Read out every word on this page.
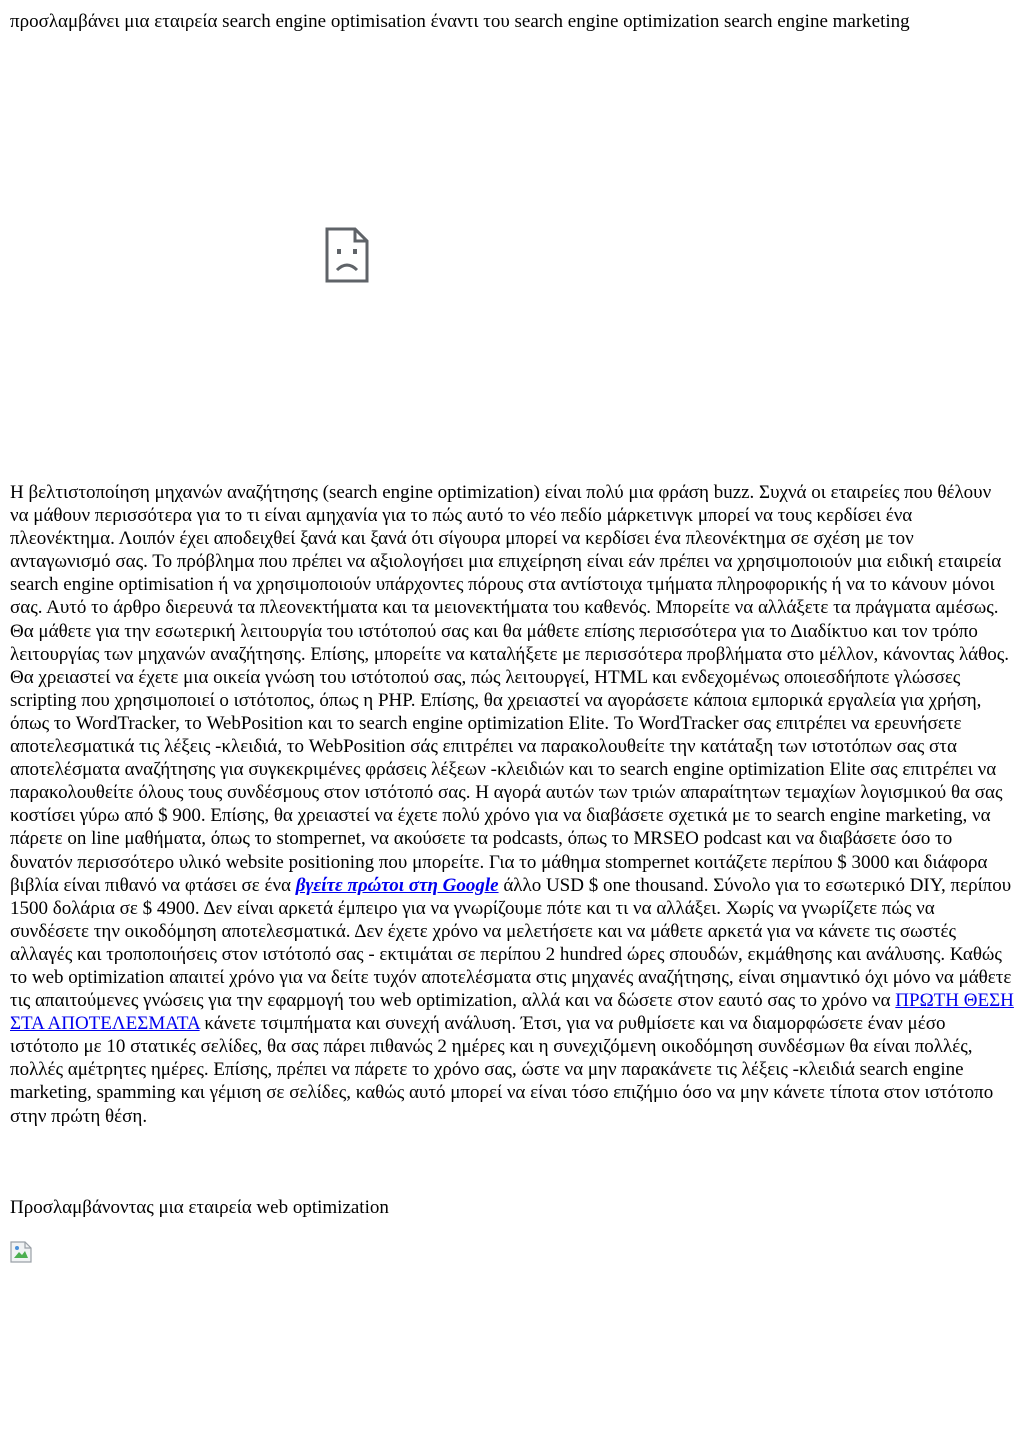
προσλαμβάνει μια εταιρεία search engine optimisation έναντι του search engine optimization search engine marketing

Η βελτιστοποίηση μηχανών αναζήτησης (search engine optimization) είναι πολύ μια φράση buzz. Συχνά οι εταιρείες που θέλουν να μάθουν περισσότερα για το τι είναι αμηχανία για το πώς αυτό το νέο πεδίο μάρκετινγκ μπορεί να τους κερδίσει ένα πλεονέκτημα. Λοιπόν έχει αποδειχθεί ξανά και ξανά ότι σίγουρα μπορεί να κερδίσει ένα πλεονέκτημα σε σχέση με τον ανταγωνισμό σας. Το πρόβλημα που πρέπει να αξιολογήσει μια επιχείρηση είναι εάν πρέπει να χρησιμοποιούν μια ειδική εταιρεία search engine optimisation ή να χρησιμοποιούν υπάρχοντες πόρους στα αντίστοιχα τμήματα πληροφορικής ή να το κάνουν μόνοι σας. Αυτό το άρθρο διερευνά τα πλεονεκτήματα και τα μειονεκτήματα του καθενός. Μπορείτε να αλλάξετε τα πράγματα αμέσως. Θα μάθετε για την εσωτερική λειτουργία του ιστότοπού σας και θα μάθετε επίσης περισσότερα για το Διαδίκτυο και τον τρόπο λειτουργίας των μηχανών αναζήτησης. Επίσης, μπορείτε να καταλήξετε με περισσότερα προβλήματα στο μέλλον, κάνοντας λάθος. Θα χρειαστεί να έχετε μια οικεία γνώση του ιστότοπού σας, πώς λειτουργεί, HTML και ενδεχομένως οποιεσδήποτε γλώσσες scripting που χρησιμοποιεί ο ιστότοπος, όπως η PHP. Επίσης, θα χρειαστεί να αγοράσετε κάποια εμπορικά εργαλεία για χρήση, όπως το WordTracker, το WebPosition και το search engine optimization Elite. Το WordTracker σας επιτρέπει να ερευνήσετε αποτελεσματικά τις λέξεις -κλειδιά, το WebPosition σάς επιτρέπει να παρακολουθείτε την κατάταξη των ιστοτόπων σας στα αποτελέσματα αναζήτησης για συγκεκριμένες φράσεις λέξεων -κλειδιών και το search engine optimization Elite σας επιτρέπει να παρακολουθείτε όλους τους συνδέσμους στον ιστότοπό σας. Η αγορά αυτών των τριών απαραίτητων τεμαχίων λογισμικού θα σας κοστίσει γύρω από $ 900. Επίσης, θα χρειαστεί να έχετε πολύ χρόνο για να διαβάσετε σχετικά με το search engine marketing, να πάρετε on line μαθήματα, όπως το stompernet, να ακούσετε τα podcasts, όπως το MRSEO podcast και να διαβάσετε όσο το δυνατόν περισσότερο υλικό website positioning που μπορείτε. Για το μάθημα stompernet κοιτάζετε περίπου $ 3000 και διάφορα βιβλία είναι πιθανό να φτάσει σε ένα βγείτε πρώτοι στη Google άλλο USD $ one thousand. Σύνολο για το εσωτερικό DIY, περίπου 1500 δολάρια σε $ 4900. Δεν είναι αρκετά έμπειρο για να γνωρίζουμε πότε και τι να αλλάξει. Χωρίς να γνωρίζετε πώς να συνδέσετε την οικοδόμηση αποτελεσματικά. Δεν έχετε χρόνο να μελετήσετε και να μάθετε αρκετά για να κάνετε τις σωστές αλλαγές και τροποποιήσεις στον ιστότοπό σας - εκτιμάται σε περίπου 2 hundred ώρες σπουδών, εκμάθησης και ανάλυσης. Καθώς το web optimization απαιτεί χρόνο για να δείτε τυχόν αποτελέσματα στις μηχανές αναζήτησης, είναι σημαντικό όχι μόνο να μάθετε τις απαιτούμενες γνώσεις για την εφαρμογή του web optimization, αλλά και να δώσετε στον εαυτό σας το χρόνο να ΠΡΩΤΗ ΘΕΣΗ ΣΤΑ ΑΠΟΤΕΛΕΣΜΑΤΑ κάνετε τσιμπήματα και συνεχή ανάλυση. Έτσι, για να ρυθμίσετε και να διαμορφώσετε έναν μέσο ιστότοπο με 10 στατικές σελίδες, θα σας πάρει πιθανώς 2 ημέρες και η συνεχιζόμενη οικοδόμηση συνδέσμων θα είναι πολλές, πολλές αμέτρητες ημέρες. Επίσης, πρέπει να πάρετε το χρόνο σας, ώστε να μην παρακάνετε τις λέξεις -κλειδιά search engine marketing, spamming και γέμιση σε σελίδες, καθώς αυτό μπορεί να είναι τόσο επιζήμιο όσο να μην κάνετε τίποτα στον ιστότοπο στην πρώτη θέση.

Προσλαμβάνοντας μια εταιρεία web optimization
